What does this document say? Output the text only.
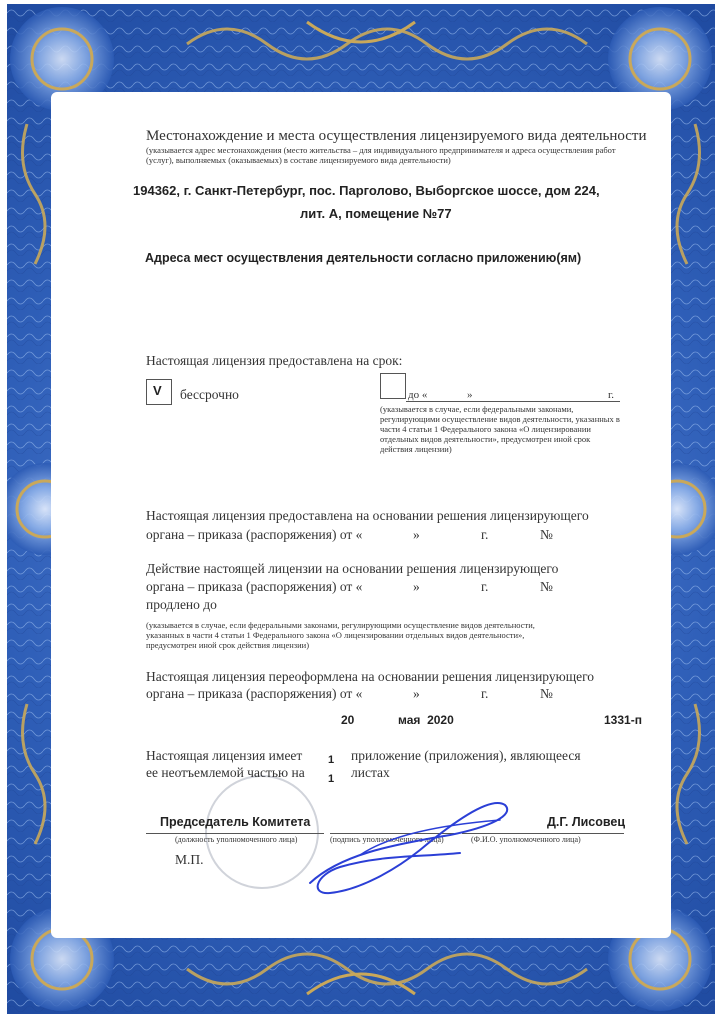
Местонахождение и места осуществления лицензируемого вида деятельности
(указывается адрес местонахождения (место жительства – для индивидуального предпринимателя и адреса осуществления работ (услуг), выполняемых (оказываемых) в составе лицензируемого вида деятельности)
194362, г. Санкт-Петербург, пос. Парголово, Выборгское шоссе, дом 224,
лит. А, помещение №77
Адреса мест осуществления деятельности согласно приложению(ям)
Настоящая лицензия предоставлена на срок:
V бессрочно	до «	»	г.
(указывается в случае, если федеральными законами, регулирующими осуществление видов деятельности, указанных в части 4 статьи 1 Федерального закона «О лицензировании отдельных видов деятельности», предусмотрен иной срок действия лицензии)
Настоящая лицензия предоставлена на основании решения лицензирующего
органа – приказа (распоряжения) от «	»	г.	№
Действие настоящей лицензии на основании решения лицензирующего
органа – приказа (распоряжения) от «	»	г.	№
продлено до
(указывается в случае, если федеральными законами, регулирующими осуществление видов деятельности, указанных в части 4 статьи 1 Федерального закона «О лицензировании отдельных видов деятельности», предусмотрен иной срок действия лицензии)
Настоящая лицензия переоформлена на основании решения лицензирующего
органа – приказа (распоряжения) от «	»	г.	№
20	мая  2020	1331-п
Настоящая лицензия имеет 1 приложение (приложения), являющееся
ее неотъемлемой частью на 1 листах
Председатель Комитета	Д.Г. Лисовец
(должность уполномоченного лица)	(подпись уполномоченного лица)	(Ф.И.О. уполномоченного лица)
М.П.
